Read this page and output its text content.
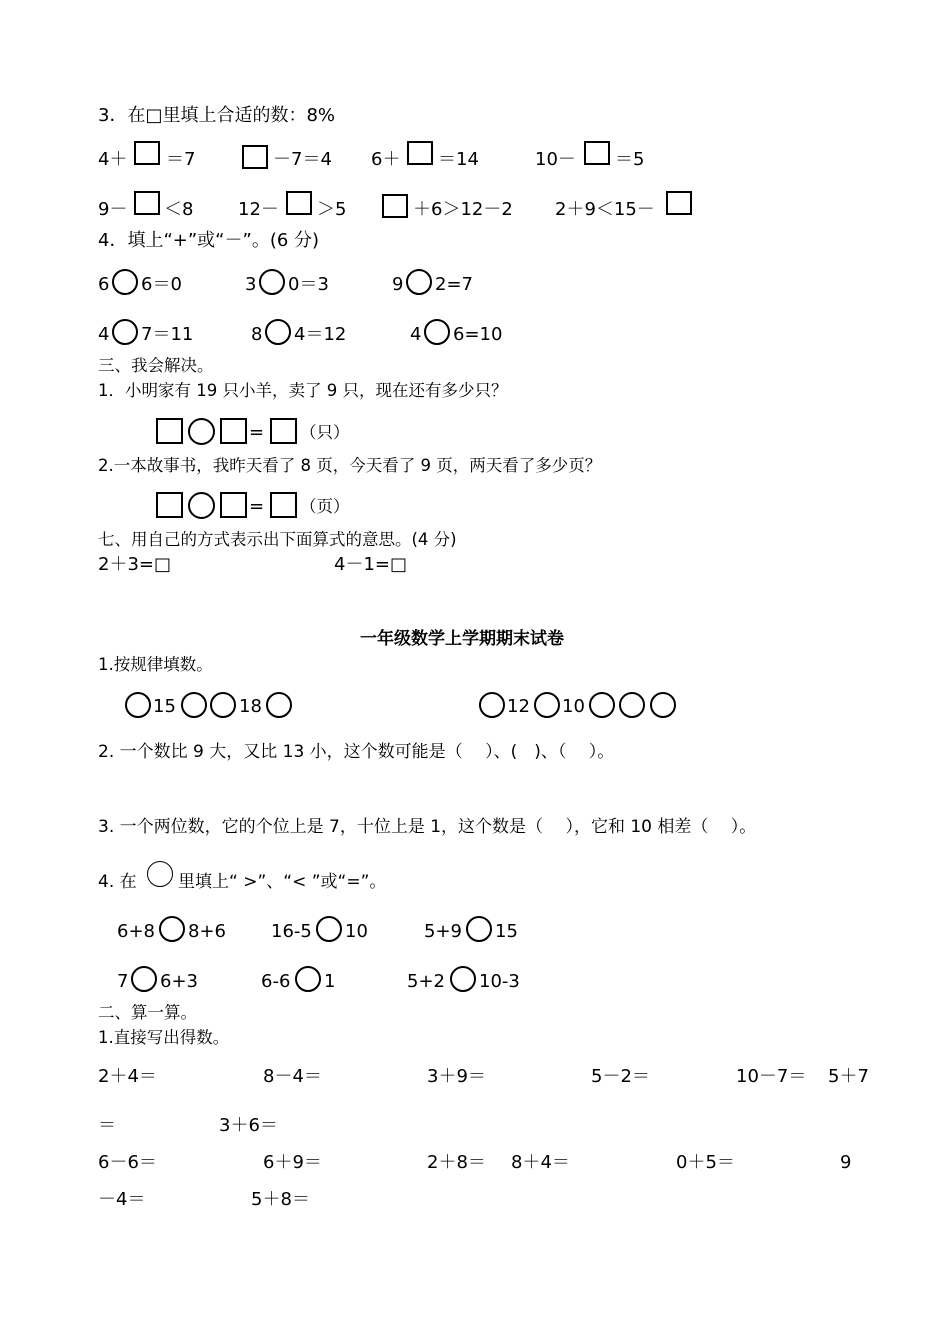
3．在□里填上合适的数：8%
4＋ ＝7	－7＝4 6＋ ＝14	10－ ＝5
9－ ＜8 12－ ＞5	＋6＞12－2 2＋9＜15－
4．填上“+”或“－”。(6 分)
6 6＝0	3 0＝3	9 2=7
4 7＝11	8 4＝12	4 6=10
三、我会解决。
1．小明家有 19 只小羊，卖了 9 只，现在还有多少只？
= （只）
2.一本故事书，我昨天看了 8 页，今天看了 9 页，两天看了多少页？
= （页）
七、用自己的方式表示出下面算式的意思。(4 分)
2＋3=□	4－1=□
一年级数学上学期期末试卷
1.按规律填数。
15	18	12 10
2. 一个数比 9 大，又比 13 小，这个数可能是（　 ）、(　)、（　 ）。
3. 一个两位数，它的个位上是 7，十位上是 1，这个数是（　 ），它和 10 相差（　 ）。
4. 在 里填上“ >”、“< ”或“=”。
6+8 8+6	16-5 10	5+9 15
7 6+3	6-6 1	5+2 10-3
二、算一算。
1.直接写出得数。
2＋4＝	8－4＝	3＋9＝	5－2＝	10－7＝ 5＋7
＝	3＋6＝
6－6＝	6＋9＝	2＋8＝ 8＋4＝	0＋5＝	9
－4＝	5＋8＝
